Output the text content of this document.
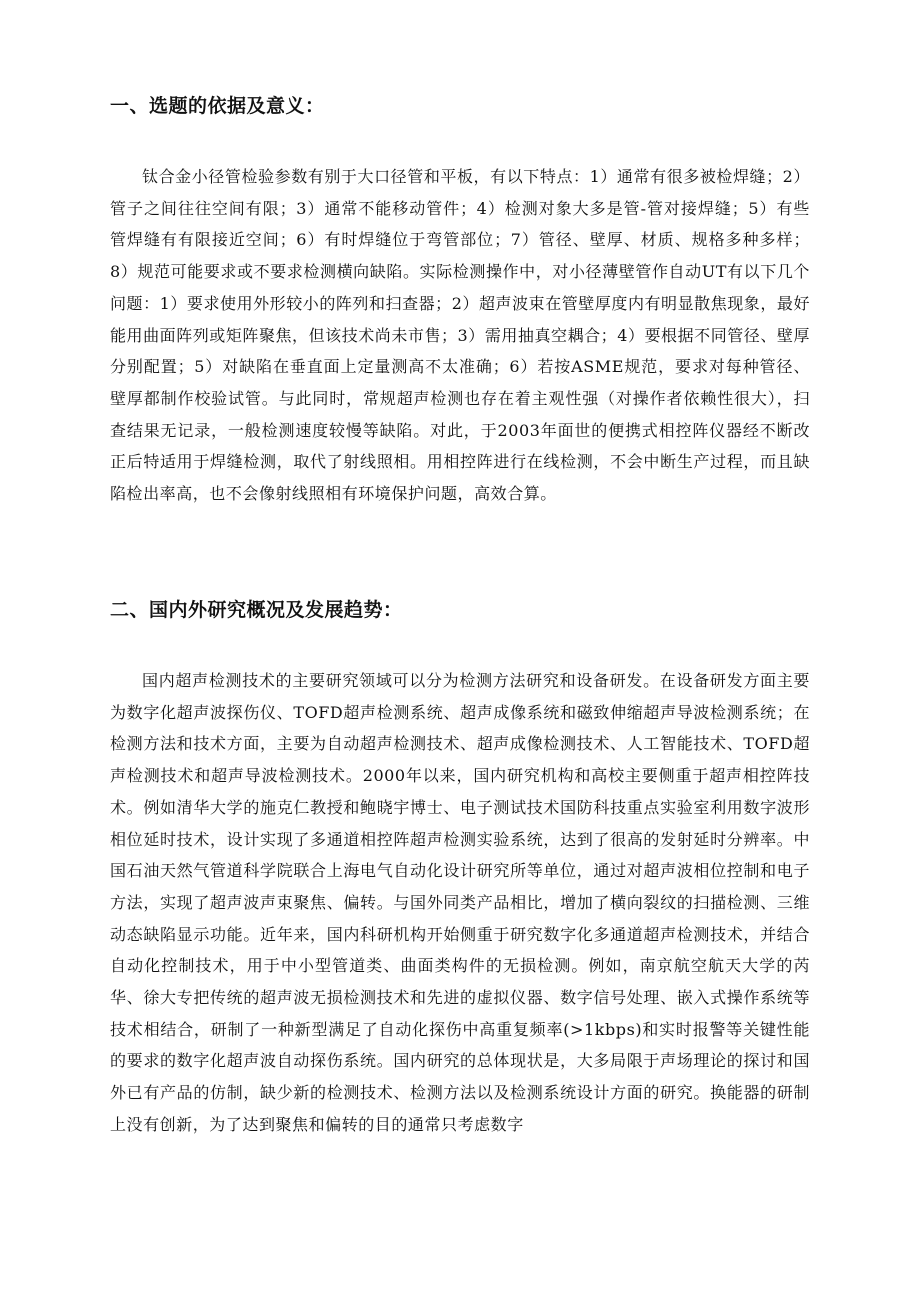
一、选题的依据及意义：

钛合金小径管检验参数有别于大口径管和平板，有以下特点：1）通常有很多被检焊缝；2）管子之间往往空间有限；3）通常不能移动管件；4）检测对象大多是管-管对接焊缝；5）有些管焊缝有有限接近空间；6）有时焊缝位于弯管部位；7）管径、壁厚、材质、规格多种多样；8）规范可能要求或不要求检测横向缺陷。实际检测操作中，对小径薄壁管作自动UT有以下几个问题：1）要求使用外形较小的阵列和扫查器；2）超声波束在管壁厚度内有明显散焦现象，最好能用曲面阵列或矩阵聚焦，但该技术尚未市售；3）需用抽真空耦合；4）要根据不同管径、壁厚分别配置；5）对缺陷在垂直面上定量测高不太准确；6）若按ASME规范，要求对每种管径、壁厚都制作校验试管。与此同时，常规超声检测也存在着主观性强（对操作者依赖性很大），扫查结果无记录，一般检测速度较慢等缺陷。对此，于2003年面世的便携式相控阵仪器经不断改正后特适用于焊缝检测，取代了射线照相。用相控阵进行在线检测，不会中断生产过程，而且缺陷检出率高，也不会像射线照相有环境保护问题，高效合算。

二、国内外研究概况及发展趋势：

国内超声检测技术的主要研究领域可以分为检测方法研究和设备研发。在设备研发方面主要为数字化超声波探伤仪、TOFD超声检测系统、超声成像系统和磁致伸缩超声导波检测系统；在检测方法和技术方面，主要为自动超声检测技术、超声成像检测技术、人工智能技术、TOFD超声检测技术和超声导波检测技术。2000年以来，国内研究机构和高校主要侧重于超声相控阵技术。例如清华大学的施克仁教授和鲍晓宇博士、电子测试技术国防科技重点实验室利用数字波形相位延时技术，设计实现了多通道相控阵超声检测实验系统，达到了很高的发射延时分辨率。中国石油天然气管道科学院联合上海电气自动化设计研究所等单位，通过对超声波相位控制和电子方法，实现了超声波声束聚焦、偏转。与国外同类产品相比，增加了横向裂纹的扫描检测、三维动态缺陷显示功能。近年来，国内科研机构开始侧重于研究数字化多通道超声检测技术，并结合自动化控制技术，用于中小型管道类、曲面类构件的无损检测。例如，南京航空航天大学的芮华、徐大专把传统的超声波无损检测技术和先进的虚拟仪器、数字信号处理、嵌入式操作系统等技术相结合，研制了一种新型满足了自动化探伤中高重复频率(>1kbps)和实时报警等关键性能的要求的数字化超声波自动探伤系统。国内研究的总体现状是，大多局限于声场理论的探讨和国外已有产品的仿制，缺少新的检测技术、检测方法以及检测系统设计方面的研究。换能器的研制上没有创新，为了达到聚焦和偏转的目的通常只考虑数字
